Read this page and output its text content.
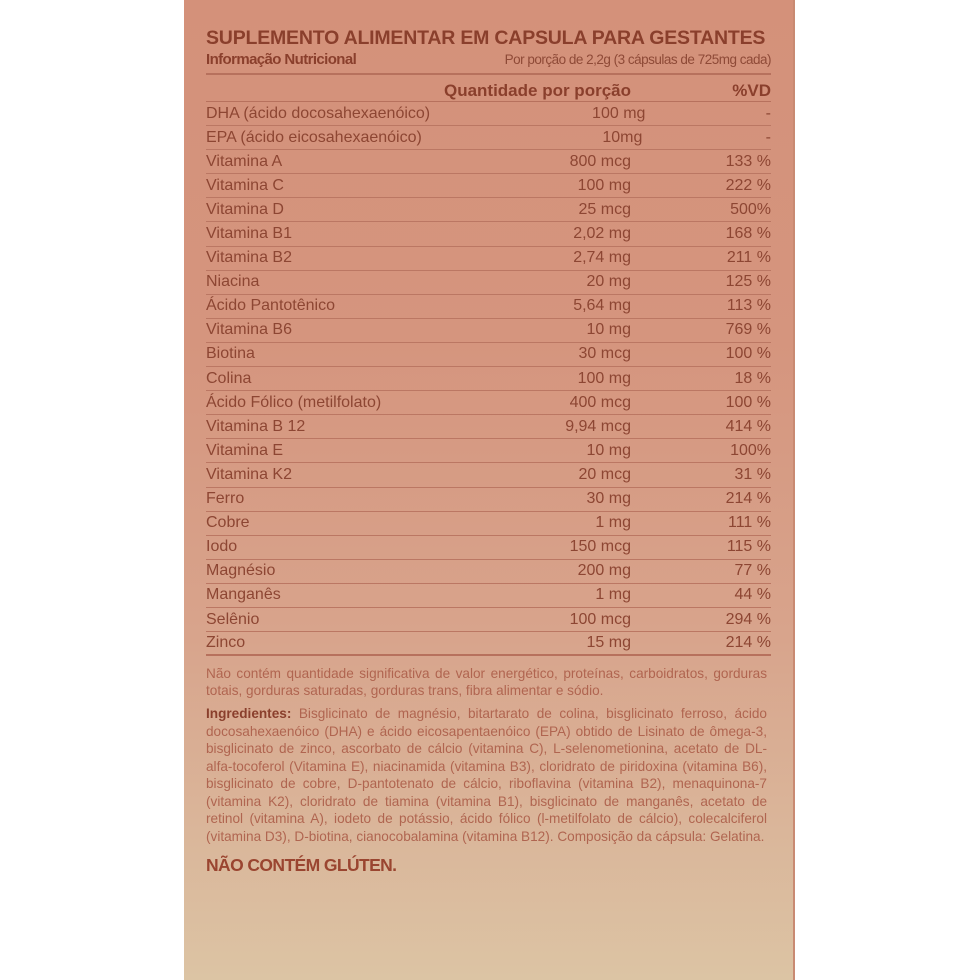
SUPLEMENTO ALIMENTAR EM CAPSULA PARA GESTANTES
Informação Nutricional	Por porção de 2,2g (3 cápsulas de 725mg cada)
Quantidade por porção	%VD
DHA (ácido docosahexaenóico)	100 mg	-
EPA (ácido eicosahexaenóico)	10mg	-
Vitamina A	800 mcg	133 %
Vitamina C	100 mg	222 %
Vitamina D	25 mcg	500%
Vitamina B1	2,02 mg	168 %
Vitamina B2	2,74 mg	211 %
Niacina	20 mg	125 %
Ácido Pantotênico	5,64 mg	113 %
Vitamina B6	10 mg	769 %
Biotina	30 mcg	100 %
Colina	100 mg	18 %
Ácido Fólico (metilfolato)	400 mcg	100 %
Vitamina B 12	9,94 mcg	414 %
Vitamina E	10 mg	100%
Vitamina K2	20 mcg	31 %
Ferro	30 mg	214 %
Cobre	1 mg	111 %
Iodo	150 mcg	115 %
Magnésio	200 mg	77 %
Manganês	1 mg	44 %
Selênio	100 mcg	294 %
Zinco	15 mg	214 %
Não contém quantidade significativa de valor energético, proteínas, carboidratos, gorduras totais, gorduras saturadas, gorduras trans, fibra alimentar e sódio.
Ingredientes: Bisglicinato de magnésio, bitartarato de colina, bisglicinato ferroso, ácido docosahexaenóico (DHA) e ácido eicosapentaenóico (EPA) obtido de Lisinato de ômega-3, bisglicinato de zinco, ascorbato de cálcio (vitamina C), L-selenometionina, acetato de DL-alfa-tocoferol (Vitamina E), niacinamida (vitamina B3), cloridrato de piridoxina (vitamina B6), bisglicinato de cobre, D-pantotenato de cálcio, riboflavina (vitamina B2), menaquinona-7 (vitamina K2), cloridrato de tiamina (vitamina B1), bisglicinato de manganês, acetato de retinol (vitamina A), iodeto de potássio, ácido fólico (l-metilfolato de cálcio), colecalciferol (vitamina D3), D-biotina, cianocobalamina (vitamina B12). Composição da cápsula: Gelatina.
NÃO CONTÉM GLÚTEN.
